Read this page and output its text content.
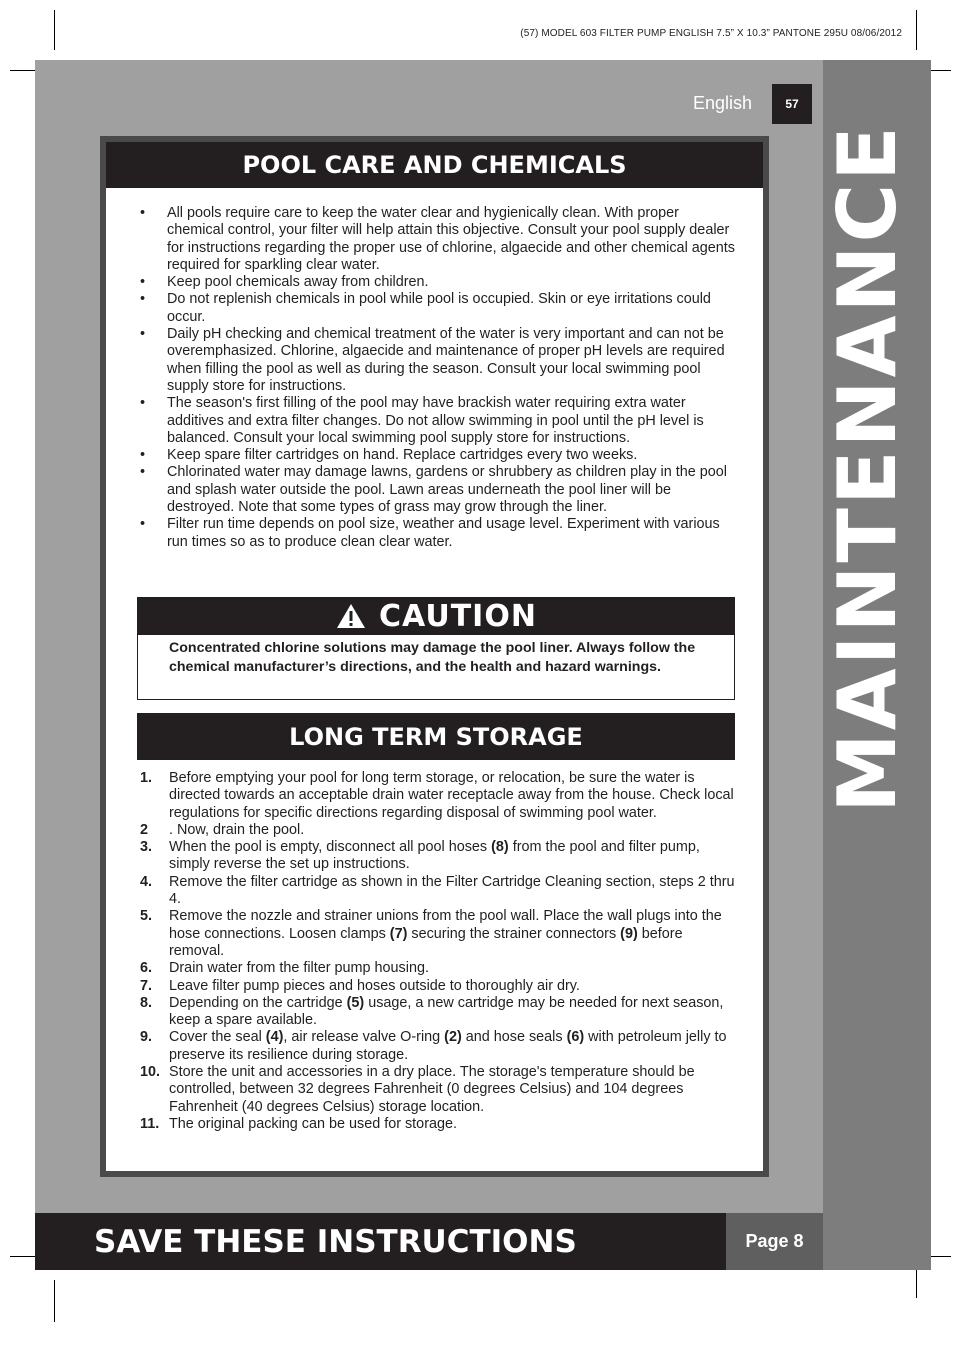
(57) MODEL 603 FILTER PUMP ENGLISH 7.5” X 10.3” PANTONE 295U 08/06/2012
MAINTENANCE
English	57
POOL CARE AND CHEMICALS
• All pools require care to keep the water clear and hygienically clean. With proper chemical control, your filter will help attain this objective. Consult your pool supply dealer for instructions regarding the proper use of chlorine, algaecide and other chemical agents required for sparkling clear water.
• Keep pool chemicals away from children.
• Do not replenish chemicals in pool while pool is occupied. Skin or eye irritations could occur.
• Daily pH checking and chemical treatment of the water is very important and can not be overemphasized. Chlorine, algaecide and maintenance of proper pH levels are required when filling the pool as well as during the season. Consult your local swimming pool supply store for instructions.
• The season's first filling of the pool may have brackish water requiring extra water additives and extra filter changes. Do not allow swimming in pool until the pH level is balanced. Consult your local swimming pool supply store for instructions.
• Keep spare filter cartridges on hand. Replace cartridges every two weeks.
• Chlorinated water may damage lawns, gardens or shrubbery as children play in the pool and splash water outside the pool. Lawn areas underneath the pool liner will be destroyed. Note that some types of grass may grow through the liner.
• Filter run time depends on pool size, weather and usage level. Experiment with various run times so as to produce clean clear water.
CAUTION
Concentrated chlorine solutions may damage the pool liner. Always follow the chemical manufacturer’s directions, and the health and hazard warnings.
LONG TERM STORAGE
1. Before emptying your pool for long term storage, or relocation, be sure the water is directed towards an acceptable drain water receptacle away from the house. Check local regulations for specific directions regarding disposal of swimming pool water.
2 . Now, drain the pool.
3. When the pool is empty, disconnect all pool hoses (8) from the pool and filter pump, simply reverse the set up instructions.
4. Remove the filter cartridge as shown in the Filter Cartridge Cleaning section, steps 2 thru 4.
5. Remove the nozzle and strainer unions from the pool wall. Place the wall plugs into the hose connections. Loosen clamps (7) securing the strainer connectors (9) before removal.
6. Drain water from the filter pump housing.
7. Leave filter pump pieces and hoses outside to thoroughly air dry.
8. Depending on the cartridge (5) usage, a new cartridge may be needed for next season, keep a spare available.
9. Cover the seal (4), air release valve O-ring (2) and hose seals (6) with petroleum jelly to preserve its resilience during storage.
10. Store the unit and accessories in a dry place. The storage's temperature should be controlled, between 32 degrees Fahrenheit (0 degrees Celsius) and 104 degrees Fahrenheit (40 degrees Celsius) storage location.
11. The original packing can be used for storage.
SAVE THESE INSTRUCTIONS	Page 8
